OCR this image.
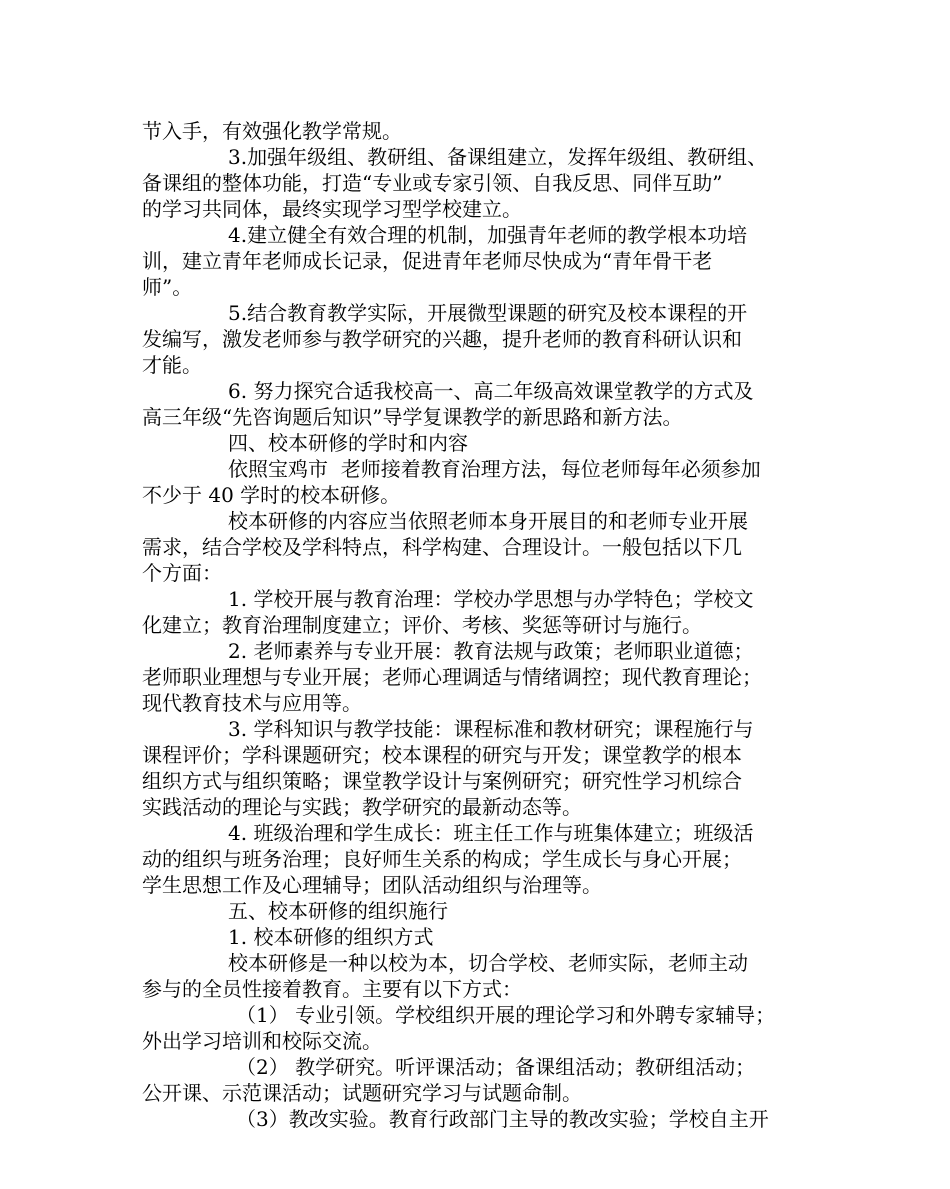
节入手，有效强化教学常规。
3.加强年级组、教研组、备课组建立，发挥年级组、教研组、
备课组的整体功能，打造“专业或专家引领、自我反思、同伴互助”
的学习共同体，最终实现学习型学校建立。
4.建立健全有效合理的机制，加强青年老师的教学根本功培
训，建立青年老师成长记录，促进青年老师尽快成为“青年骨干老
师”。
5.结合教育教学实际，开展微型课题的研究及校本课程的开
发编写，激发老师参与教学研究的兴趣，提升老师的教育科研认识和
才能。
6. 努力探究合适我校高一、高二年级高效课堂教学的方式及
高三年级“先咨询题后知识”导学复课教学的新思路和新方法。
四、校本研修的学时和内容
依照宝鸡市  老师接着教育治理方法，每位老师每年必须参加
不少于 40 学时的校本研修。
校本研修的内容应当依照老师本身开展目的和老师专业开展
需求，结合学校及学科特点，科学构建、合理设计。一般包括以下几
个方面：
1. 学校开展与教育治理：学校办学思想与办学特色；学校文
化建立；教育治理制度建立；评价、考核、奖惩等研讨与施行。
2. 老师素养与专业开展：教育法规与政策；老师职业道德；
老师职业理想与专业开展；老师心理调适与情绪调控；现代教育理论；
现代教育技术与应用等。
3. 学科知识与教学技能：课程标准和教材研究；课程施行与
课程评价；学科课题研究；校本课程的研究与开发；课堂教学的根本
组织方式与组织策略；课堂教学设计与案例研究；研究性学习机综合
实践活动的理论与实践；教学研究的最新动态等。
4. 班级治理和学生成长：班主任工作与班集体建立；班级活
动的组织与班务治理；良好师生关系的构成；学生成长与身心开展；
学生思想工作及心理辅导；团队活动组织与治理等。
五、校本研修的组织施行
1. 校本研修的组织方式
校本研修是一种以校为本，切合学校、老师实际，老师主动
参与的全员性接着教育。主要有以下方式：
（1） 专业引领。学校组织开展的理论学习和外聘专家辅导；
外出学习培训和校际交流。
（2） 教学研究。听评课活动；备课组活动；教研组活动；
公开课、示范课活动；试题研究学习与试题命制。
（3）教改实验。教育行政部门主导的教改实验；学校自主开
